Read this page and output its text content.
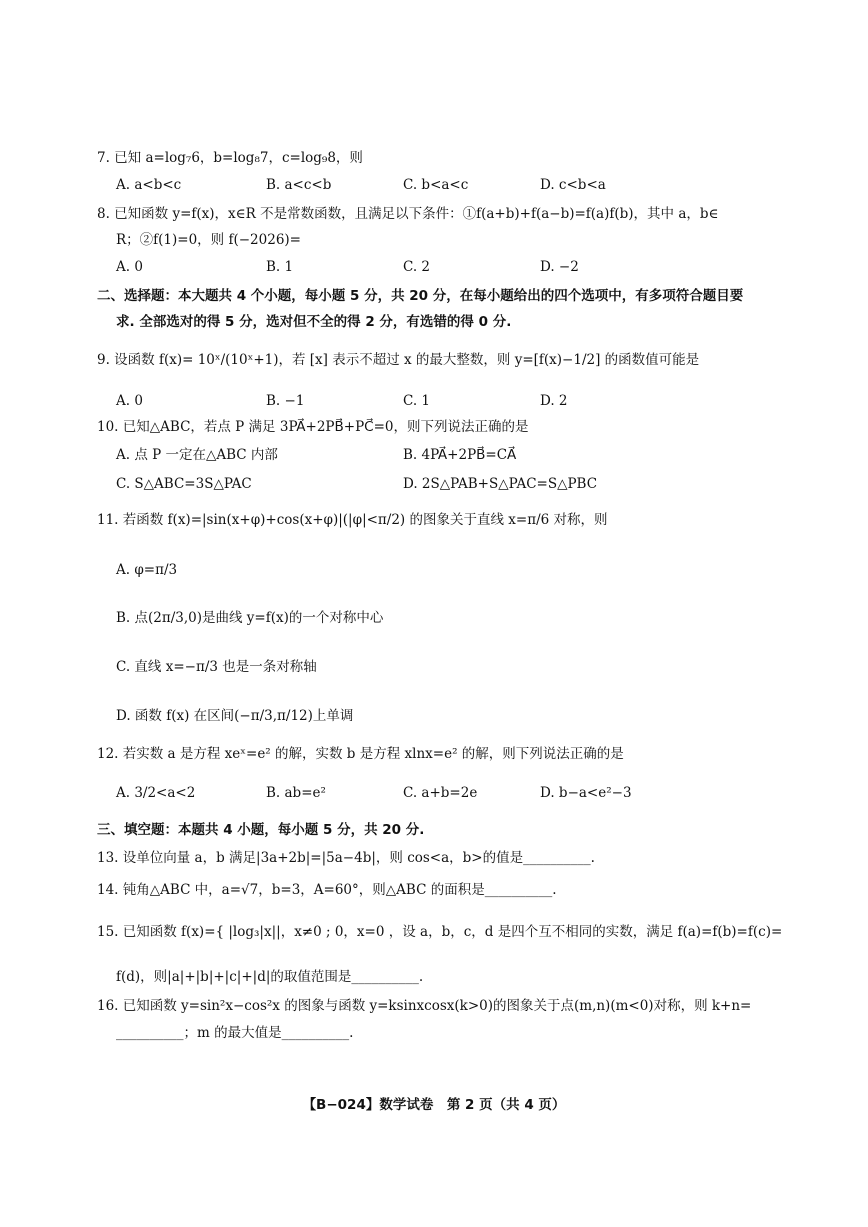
7. 已知 a=log₇6，b=log₈7，c=log₉8，则
A. a<b<c	B. a<c<b	C. b<a<c	D. c<b<a
8. 已知函数 y=f(x)，x∈R 不是常数函数，且满足以下条件：①f(a+b)+f(a−b)=f(a)f(b)，其中 a，b∈
R；②f(1)=0，则 f(−2026)=
A. 0	B. 1	C. 2	D. −2
二、选择题：本大题共 4 个小题，每小题 5 分，共 20 分，在每小题给出的四个选项中，有多项符合题目要
求. 全部选对的得 5 分，选对但不全的得 2 分，有选错的得 0 分.
9. 设函数 f(x)= 10ˣ/(10ˣ+1)，若 [x] 表示不超过 x 的最大整数，则 y=[f(x)−1/2] 的函数值可能是
A. 0	B. −1	C. 1	D. 2
10. 已知△ABC，若点 P 满足 3PA⃗+2PB⃗+PC⃗=0，则下列说法正确的是
A. 点 P 一定在△ABC 内部	B. 4PA⃗+2PB⃗=CA⃗
C. S△ABC=3S△PAC	D. 2S△PAB+S△PAC=S△PBC
11. 若函数 f(x)=|sin(x+φ)+cos(x+φ)|(|φ|<π/2) 的图象关于直线 x=π/6 对称，则
A. φ=π/3
B. 点(2π/3,0)是曲线 y=f(x)的一个对称中心
C. 直线 x=−π/3 也是一条对称轴
D. 函数 f(x) 在区间(−π/3,π/12)上单调
12. 若实数 a 是方程 xeˣ=e² 的解，实数 b 是方程 xlnx=e² 的解，则下列说法正确的是
A. 3/2<a<2	B. ab=e²	C. a+b=2e	D. b−a<e²−3
三、填空题：本题共 4 小题，每小题 5 分，共 20 分.
13. 设单位向量 a，b 满足|3a+2b|=|5a−4b|，则 cos<a，b>的值是__________.
14. 钝角△ABC 中，a=√7，b=3，A=60°，则△ABC 的面积是__________.
15. 已知函数 f(x)={ |log₃|x||，x≠0 ; 0，x=0 ，设 a，b，c，d 是四个互不相同的实数，满足 f(a)=f(b)=f(c)=
f(d)，则|a|+|b|+|c|+|d|的取值范围是__________.
16. 已知函数 y=sin²x−cos²x 的图象与函数 y=ksinxcosx(k>0)的图象关于点(m,n)(m<0)对称，则 k+n=
__________；m 的最大值是__________.
【B−024】数学试卷　第 2 页（共 4 页）
